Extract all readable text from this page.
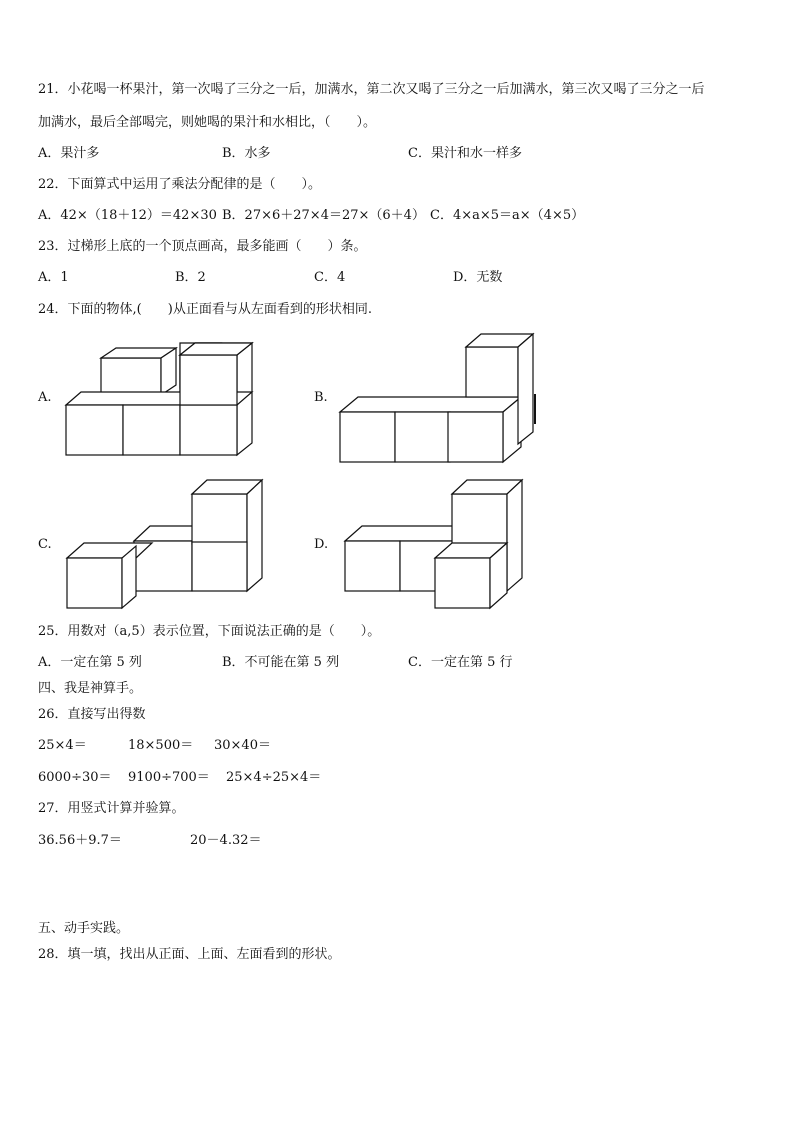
21．小花喝一杯果汁，第一次喝了三分之一后，加满水，第二次又喝了三分之一后加满水，第三次又喝了三分之一后
加满水，最后全部喝完，则她喝的果汁和水相比，（　　）。
A．果汁多	B．水多	C．果汁和水一样多
22．下面算式中运用了乘法分配律的是（　　）。
A．42×（18＋12）＝42×30 B．27×6＋27×4＝27×（6＋4） C．4×a×5＝a×（4×5）
23．过梯形上底的一个顶点画高，最多能画（　　）条。
A．1	B．2	C．4	D．无数
24．下面的物体,(　　)从正面看与从左面看到的形状相同.
A.	B.
C.	D.
25．用数对（a,5）表示位置，下面说法正确的是（　　）。
A．一定在第 5 列	B．不可能在第 5 列	C．一定在第 5 行
四、我是神算手。
26．直接写出得数
25×4＝	18×500＝ 30×40＝
6000÷30＝ 9100÷700＝ 25×4÷25×4＝
27．用竖式计算并验算。
36.56＋9.7＝	20－4.32＝
五、动手实践。
28．填一填，找出从正面、上面、左面看到的形状。
